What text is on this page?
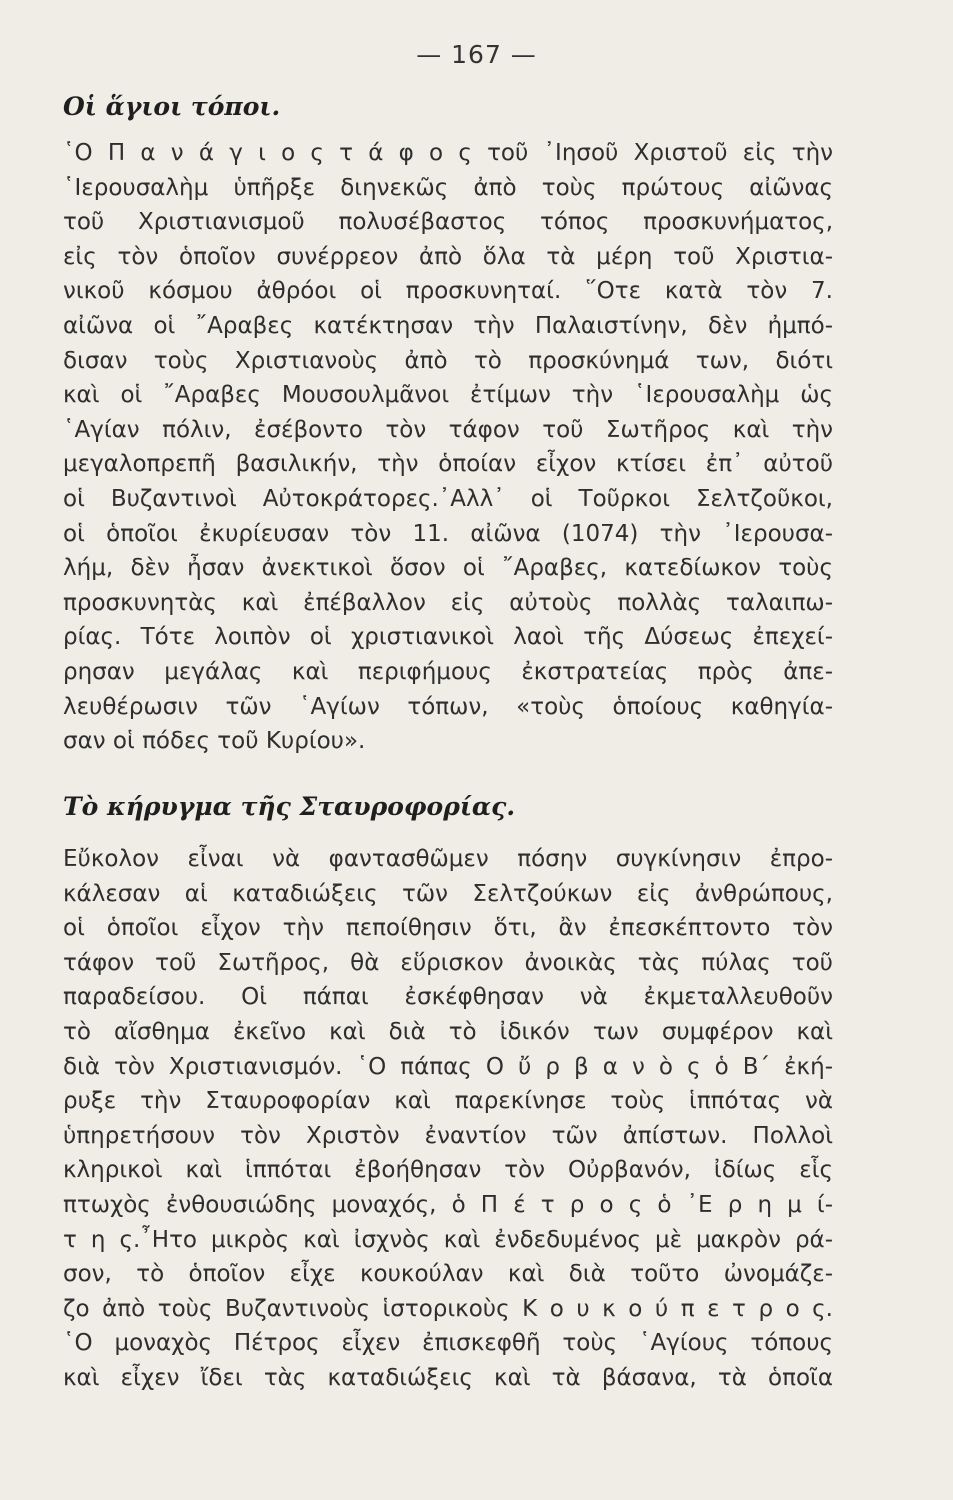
— 167 —
Οἱ ἅγιοι τόποι.
῾Ο Π α ν ά γ ι ο ς τ ά φ ο ς τοῦ ᾿Ιησοῦ Χριστοῦ εἰς τὴν
῾Ιερουσαλὴμ ὑπῆρξε διηνεκῶς ἀπὸ τοὺς πρώτους αἰῶνας
τοῦ Χριστιανισμοῦ πολυσέβαστος τόπος προσκυνήματος,
εἰς τὸν ὁποῖον συνέρρεον ἀπὸ ὅλα τὰ μέρη τοῦ Χριστια-
νικοῦ κόσμου ἀθρόοι οἱ προσκυνηταί. ῞Οτε κατὰ τὸν 7.
αἰῶνα οἱ ῎Αραβες κατέκτησαν τὴν Παλαιστίνην, δὲν ἠμπό-
δισαν τοὺς Χριστιανοὺς ἀπὸ τὸ προσκύνημά των, διότι
καὶ οἱ ῎Αραβες Μουσουλμᾶνοι ἐτίμων τὴν ῾Ιερουσαλὴμ ὡς
῾Αγίαν πόλιν, ἐσέβοντο τὸν τάφον τοῦ Σωτῆρος καὶ τὴν
μεγαλοπρεπῆ βασιλικήν, τὴν ὁποίαν εἶχον κτίσει ἐπ᾿ αὐτοῦ
οἱ Βυζαντινοὶ Αὐτοκράτορες.᾿Αλλ᾿ οἱ Τοῦρκοι Σελτζοῦκοι,
οἱ ὁποῖοι ἐκυρίευσαν τὸν 11. αἰῶνα (1074) τὴν ᾿Ιερουσα-
λήμ, δὲν ἦσαν ἀνεκτικοὶ ὅσον οἱ ῎Αραβες, κατεδίωκον τοὺς
προσκυνητὰς καὶ ἐπέβαλλον εἰς αὐτοὺς πολλὰς ταλαιπω-
ρίας. Τότε λοιπὸν οἱ χριστιανικοὶ λαοὶ τῆς Δύσεως ἐπεχεί-
ρησαν μεγάλας καὶ περιφήμους ἐκστρατείας πρὸς ἀπε-
λευθέρωσιν τῶν ῾Αγίων τόπων, «τοὺς ὁποίους καθηγία-
σαν οἱ πόδες τοῦ Κυρίου».
Τὸ κήρυγμα τῆς Σταυροφορίας.
Εὔκολον εἶναι νὰ φαντασθῶμεν πόσην συγκίνησιν ἐπρο-
κάλεσαν αἱ καταδιώξεις τῶν Σελτζούκων εἰς ἀνθρώπους,
οἱ ὁποῖοι εἶχον τὴν πεποίθησιν ὅτι, ἂν ἐπεσκέπτοντο τὸν
τάφον τοῦ Σωτῆρος, θὰ εὕρισκον ἀνοικὰς τὰς πύλας τοῦ
παραδείσου. Οἱ πάπαι ἐσκέφθησαν νὰ ἐκμεταλλευθοῦν
τὸ αἴσθημα ἐκεῖνο καὶ διὰ τὸ ἰδικόν των συμφέρον καὶ
διὰ τὸν Χριστιανισμόν. ῾Ο πάπας Ο ὔ ρ β α ν ὸ ς ὁ Β΄ ἐκή-
ρυξε τὴν Σταυροφορίαν καὶ παρεκίνησε τοὺς ἱππότας νὰ
ὑπηρετήσουν τὸν Χριστὸν ἐναντίον τῶν ἀπίστων. Πολλοὶ
κληρικοὶ καὶ ἱππόται ἐβοήθησαν τὸν Οὐρβανόν, ἰδίως εἷς
πτωχὸς ἐνθουσιώδης μοναχός, ὁ Π έ τ ρ ο ς ὁ ᾿Ε ρ η μ ί-
τ η ς.῏Ητο μικρὸς καὶ ἰσχνὸς καὶ ἐνδεδυμένος μὲ μακρὸν ρά-
σον, τὸ ὁποῖον εἶχε κουκούλαν καὶ διὰ τοῦτο ὠνομάζε-
ζο ἀπὸ τοὺς Βυζαντινοὺς ἱστορικοὺς Κ ο υ κ ο ύ π ε τ ρ ο ς.
῾Ο μοναχὸς Πέτρος εἶχεν ἐπισκεφθῆ τοὺς ῾Αγίους τόπους
καὶ εἶχεν ἴδει τὰς καταδιώξεις καὶ τὰ βάσανα, τὰ ὁποῖα
